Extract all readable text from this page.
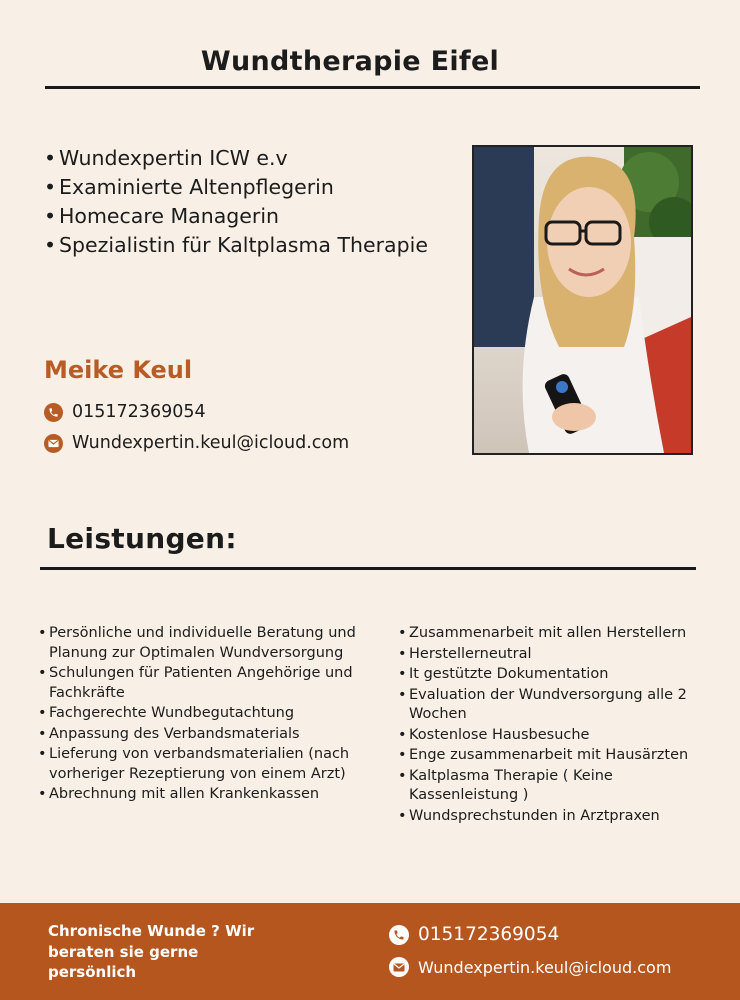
Wundtherapie Eifel
• Wundexpertin ICW e.v
• Examinierte Altenpflegerin
• Homecare Managerin
• Spezialistin für Kaltplasma Therapie
Meike Keul
015172369054
Wundexpertin.keul@icloud.com
Leistungen:
• Persönliche und individuelle Beratung und Planung zur Optimalen Wundversorgung
• Schulungen für Patienten Angehörige und Fachkräfte
• Fachgerechte Wundbegutachtung
• Anpassung des Verbandsmaterials
• Lieferung von verbandsmaterialien (nach vorheriger Rezeptierung von einem Arzt)
• Abrechnung mit allen Krankenkassen
• Zusammenarbeit mit allen Herstellern
• Herstellerneutral
• It gestützte Dokumentation
• Evaluation der Wundversorgung alle 2 Wochen
• Kostenlose Hausbesuche
• Enge zusammenarbeit mit Hausärzten
• Kaltplasma Therapie ( Keine Kassenleistung )
• Wundsprechstunden in Arztpraxen
Chronische Wunde ? Wir beraten sie gerne persönlich
015172369054
Wundexpertin.keul@icloud.com
